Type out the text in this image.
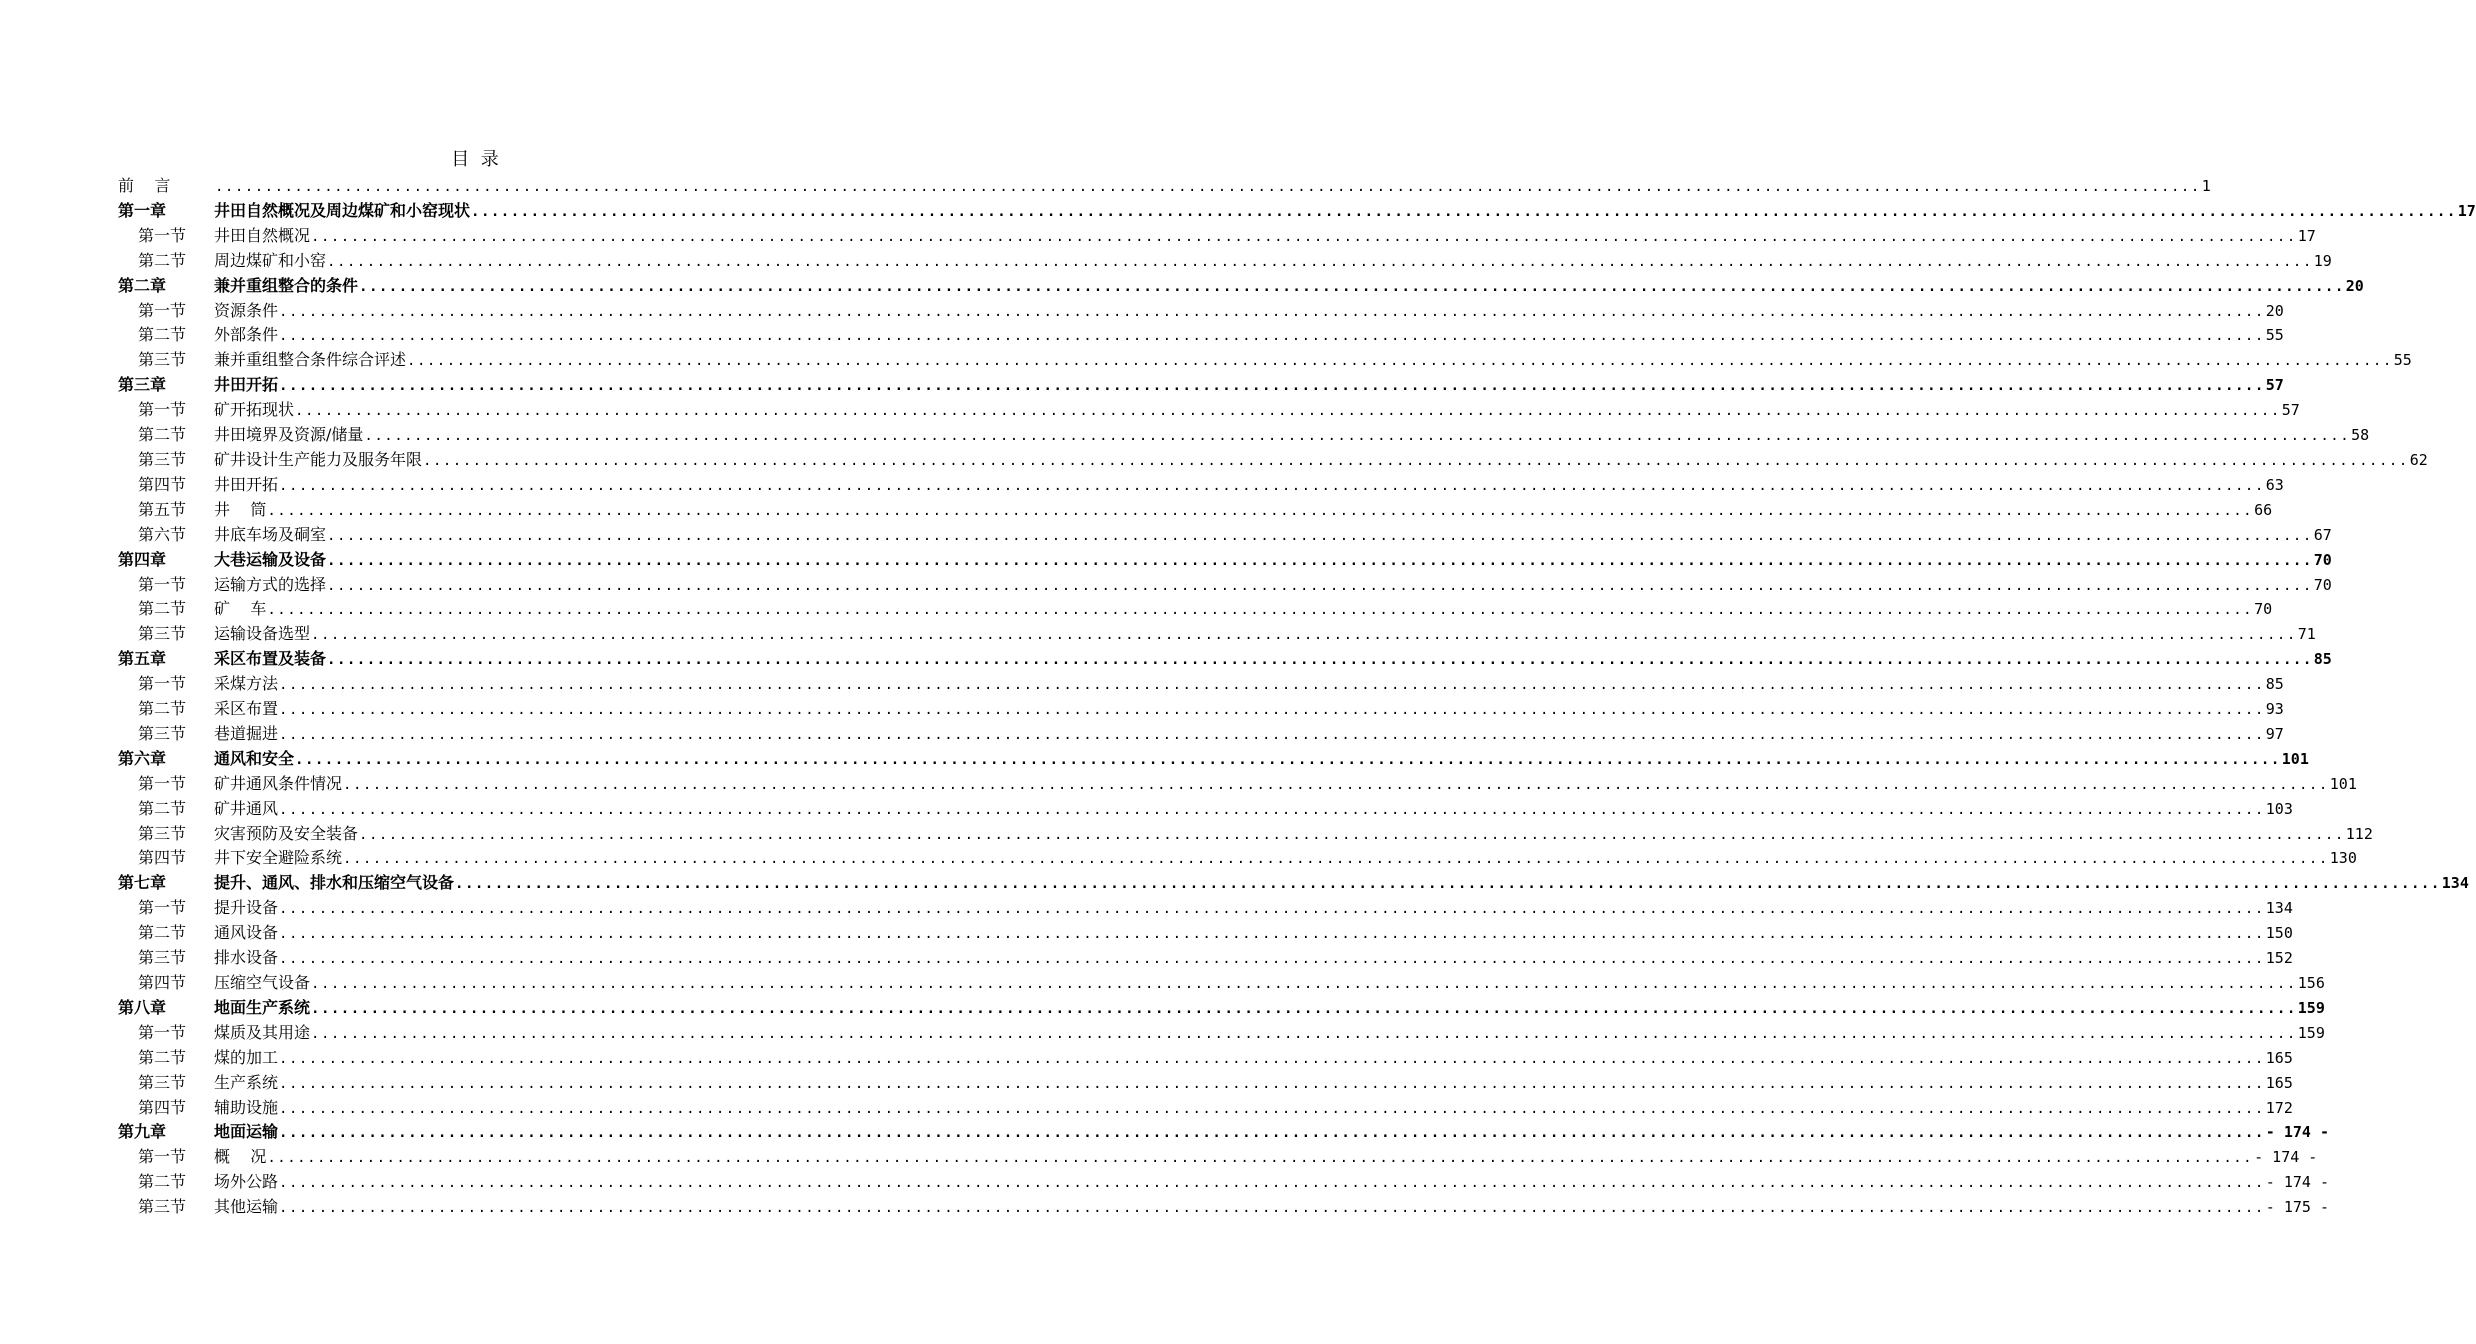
目  录
前    言	........................................................................................................................................................................................................ 1
第一章	井田自然概况及周边煤矿和小窑现状 ........................................................................................................................................................................................................ 17
第一节	井田自然概况 ........................................................................................................................................................................................................ 17
第二节	周边煤矿和小窑 ........................................................................................................................................................................................................ 19
第二章	兼并重组整合的条件 ........................................................................................................................................................................................................ 20
第一节	资源条件 ........................................................................................................................................................................................................ 20
第二节	外部条件 ........................................................................................................................................................................................................ 55
第三节	兼并重组整合条件综合评述 ........................................................................................................................................................................................................ 55
第三章	井田开拓 ........................................................................................................................................................................................................ 57
第一节	矿开拓现状 ........................................................................................................................................................................................................ 57
第二节	井田境界及资源/储量 ........................................................................................................................................................................................................ 58
第三节	矿井设计生产能力及服务年限 ........................................................................................................................................................................................................ 62
第四节	井田开拓 ........................................................................................................................................................................................................ 63
第五节	井    筒 ........................................................................................................................................................................................................ 66
第六节	井底车场及硐室 ........................................................................................................................................................................................................ 67
第四章	大巷运输及设备 ........................................................................................................................................................................................................ 70
第一节	运输方式的选择 ........................................................................................................................................................................................................ 70
第二节	矿    车 ........................................................................................................................................................................................................ 70
第三节	运输设备选型 ........................................................................................................................................................................................................ 71
第五章	采区布置及装备 ........................................................................................................................................................................................................ 85
第一节	采煤方法 ........................................................................................................................................................................................................ 85
第二节	采区布置 ........................................................................................................................................................................................................ 93
第三节	巷道掘进 ........................................................................................................................................................................................................ 97
第六章	通风和安全 ........................................................................................................................................................................................................ 101
第一节	矿井通风条件情况 ........................................................................................................................................................................................................ 101
第二节	矿井通风 ........................................................................................................................................................................................................ 103
第三节	灾害预防及安全装备 ........................................................................................................................................................................................................ 112
第四节	井下安全避险系统 ........................................................................................................................................................................................................ 130
第七章	提升、通风、排水和压缩空气设备 ........................................................................................................................................................................................................ 134
第一节	提升设备 ........................................................................................................................................................................................................ 134
第二节	通风设备 ........................................................................................................................................................................................................ 150
第三节	排水设备 ........................................................................................................................................................................................................ 152
第四节	压缩空气设备 ........................................................................................................................................................................................................ 156
第八章	地面生产系统 ........................................................................................................................................................................................................ 159
第一节	煤质及其用途 ........................................................................................................................................................................................................ 159
第二节	煤的加工 ........................................................................................................................................................................................................ 165
第三节	生产系统 ........................................................................................................................................................................................................ 165
第四节	辅助设施 ........................................................................................................................................................................................................ 172
第九章	地面运输 ........................................................................................................................................................................................................ - 174 -
第一节	概    况 ........................................................................................................................................................................................................ - 174 -
第二节	场外公路 ........................................................................................................................................................................................................ - 174 -
第三节	其他运输 ........................................................................................................................................................................................................ - 175 -
